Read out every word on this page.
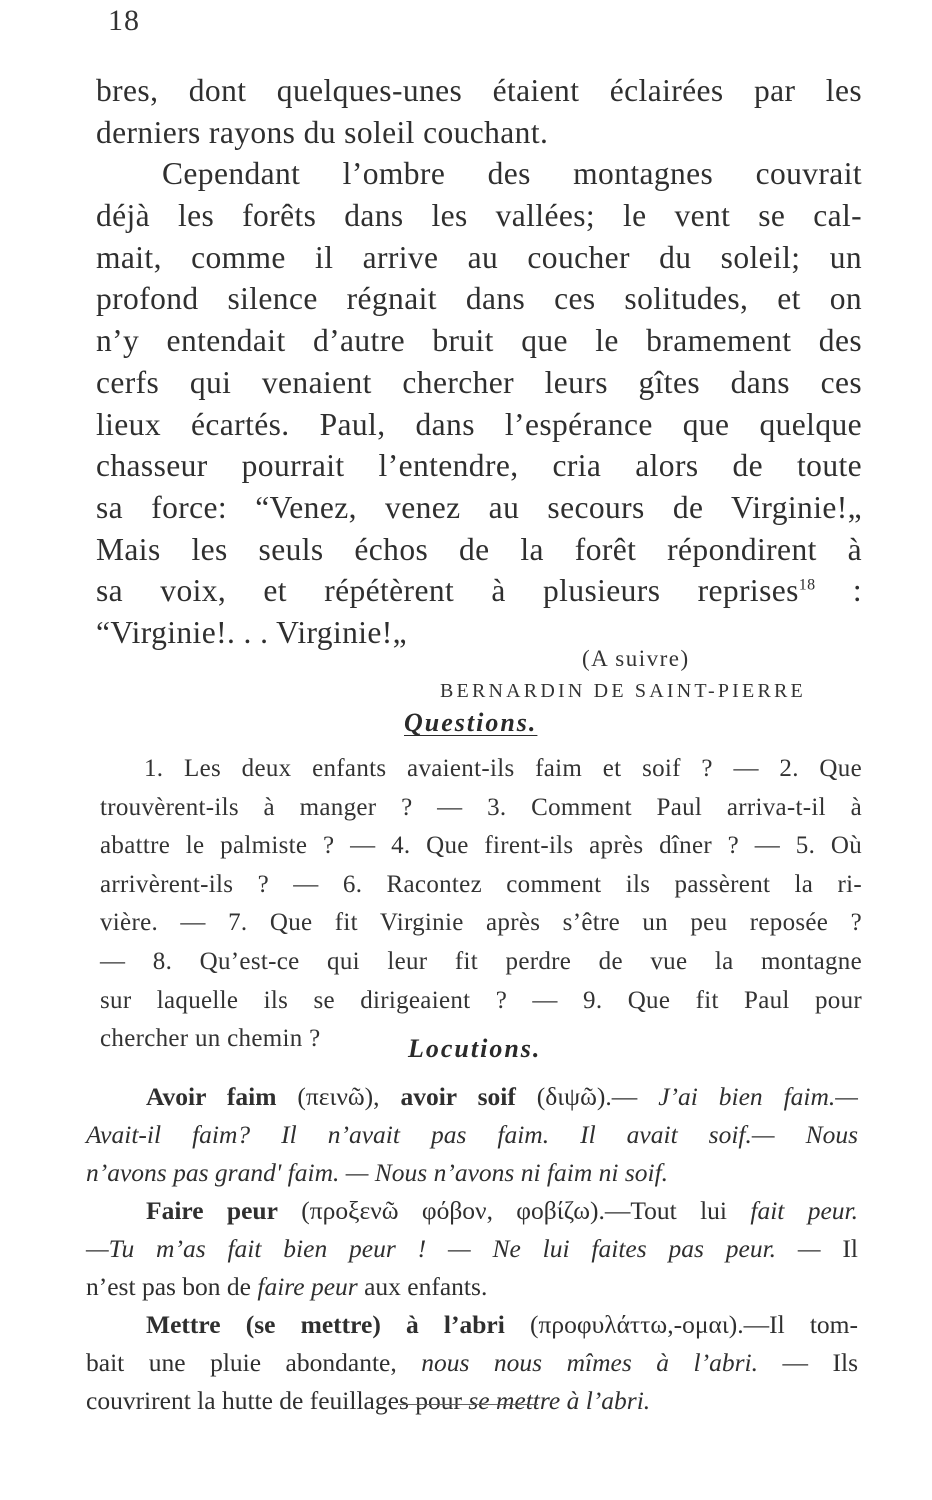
18
bres, dont quelques-unes étaient éclairées par les
derniers rayons du soleil couchant.
Cependant l’ombre des montagnes couvrait
déjà les forêts dans les vallées; le vent se cal-
mait, comme il arrive au coucher du soleil; un
profond silence régnait dans ces solitudes, et on
n’y entendait d’autre bruit que le bramement des
cerfs qui venaient chercher leurs gîtes dans ces
lieux écartés. Paul, dans l’espérance que quelque
chasseur pourrait l’entendre, cria alors de toute
sa force: “Venez, venez au secours de Virginie!„
Mais les seuls échos de la forêt répondirent à
sa voix, et répétèrent à plusieurs reprises$^{18}$ :
“Virginie!. . . Virginie!„
(A suivre)
BERNARDIN DE SAINT-PIERRE
Questions.
1. Les deux enfants avaient-ils faim et soif ? — 2. Que
trouvèrent-ils à manger ? — 3. Comment Paul arriva-t-il à
abattre le palmiste ? — 4. Que firent-ils après dîner ? — 5. Où
arrivèrent-ils ? — 6. Racontez comment ils passèrent la ri-
vière. — 7. Que fit Virginie après s’être un peu reposée ?
— 8. Qu’est-ce qui leur fit perdre de vue la montagne
sur laquelle ils se dirigeaient ? — 9. Que fit Paul pour
chercher un chemin ?	Locutions.
Avoir faim (πεινῶ), avoir soif (διψῶ).— J’ai bien faim.—
Avait-il faim? Il n’avait pas faim. Il avait soif.— Nous
n’avons pas grand' faim. — Nous n’avons ni faim ni soif.
Faire peur (προξενῶ φόβον, φοβίζω).—Tout lui fait peur.
—Tu m’as fait bien peur ! — Ne lui faites pas peur. — Il
n’est pas bon de faire peur aux enfants.
Mettre (se mettre) à l’abri (προφυλάττω,-ομαι).—Il tom-
bait une pluie abondante, nous nous mîmes à l’abri. — Ils
couvrirent la hutte de feuillages pour se mettre à l’abri.
